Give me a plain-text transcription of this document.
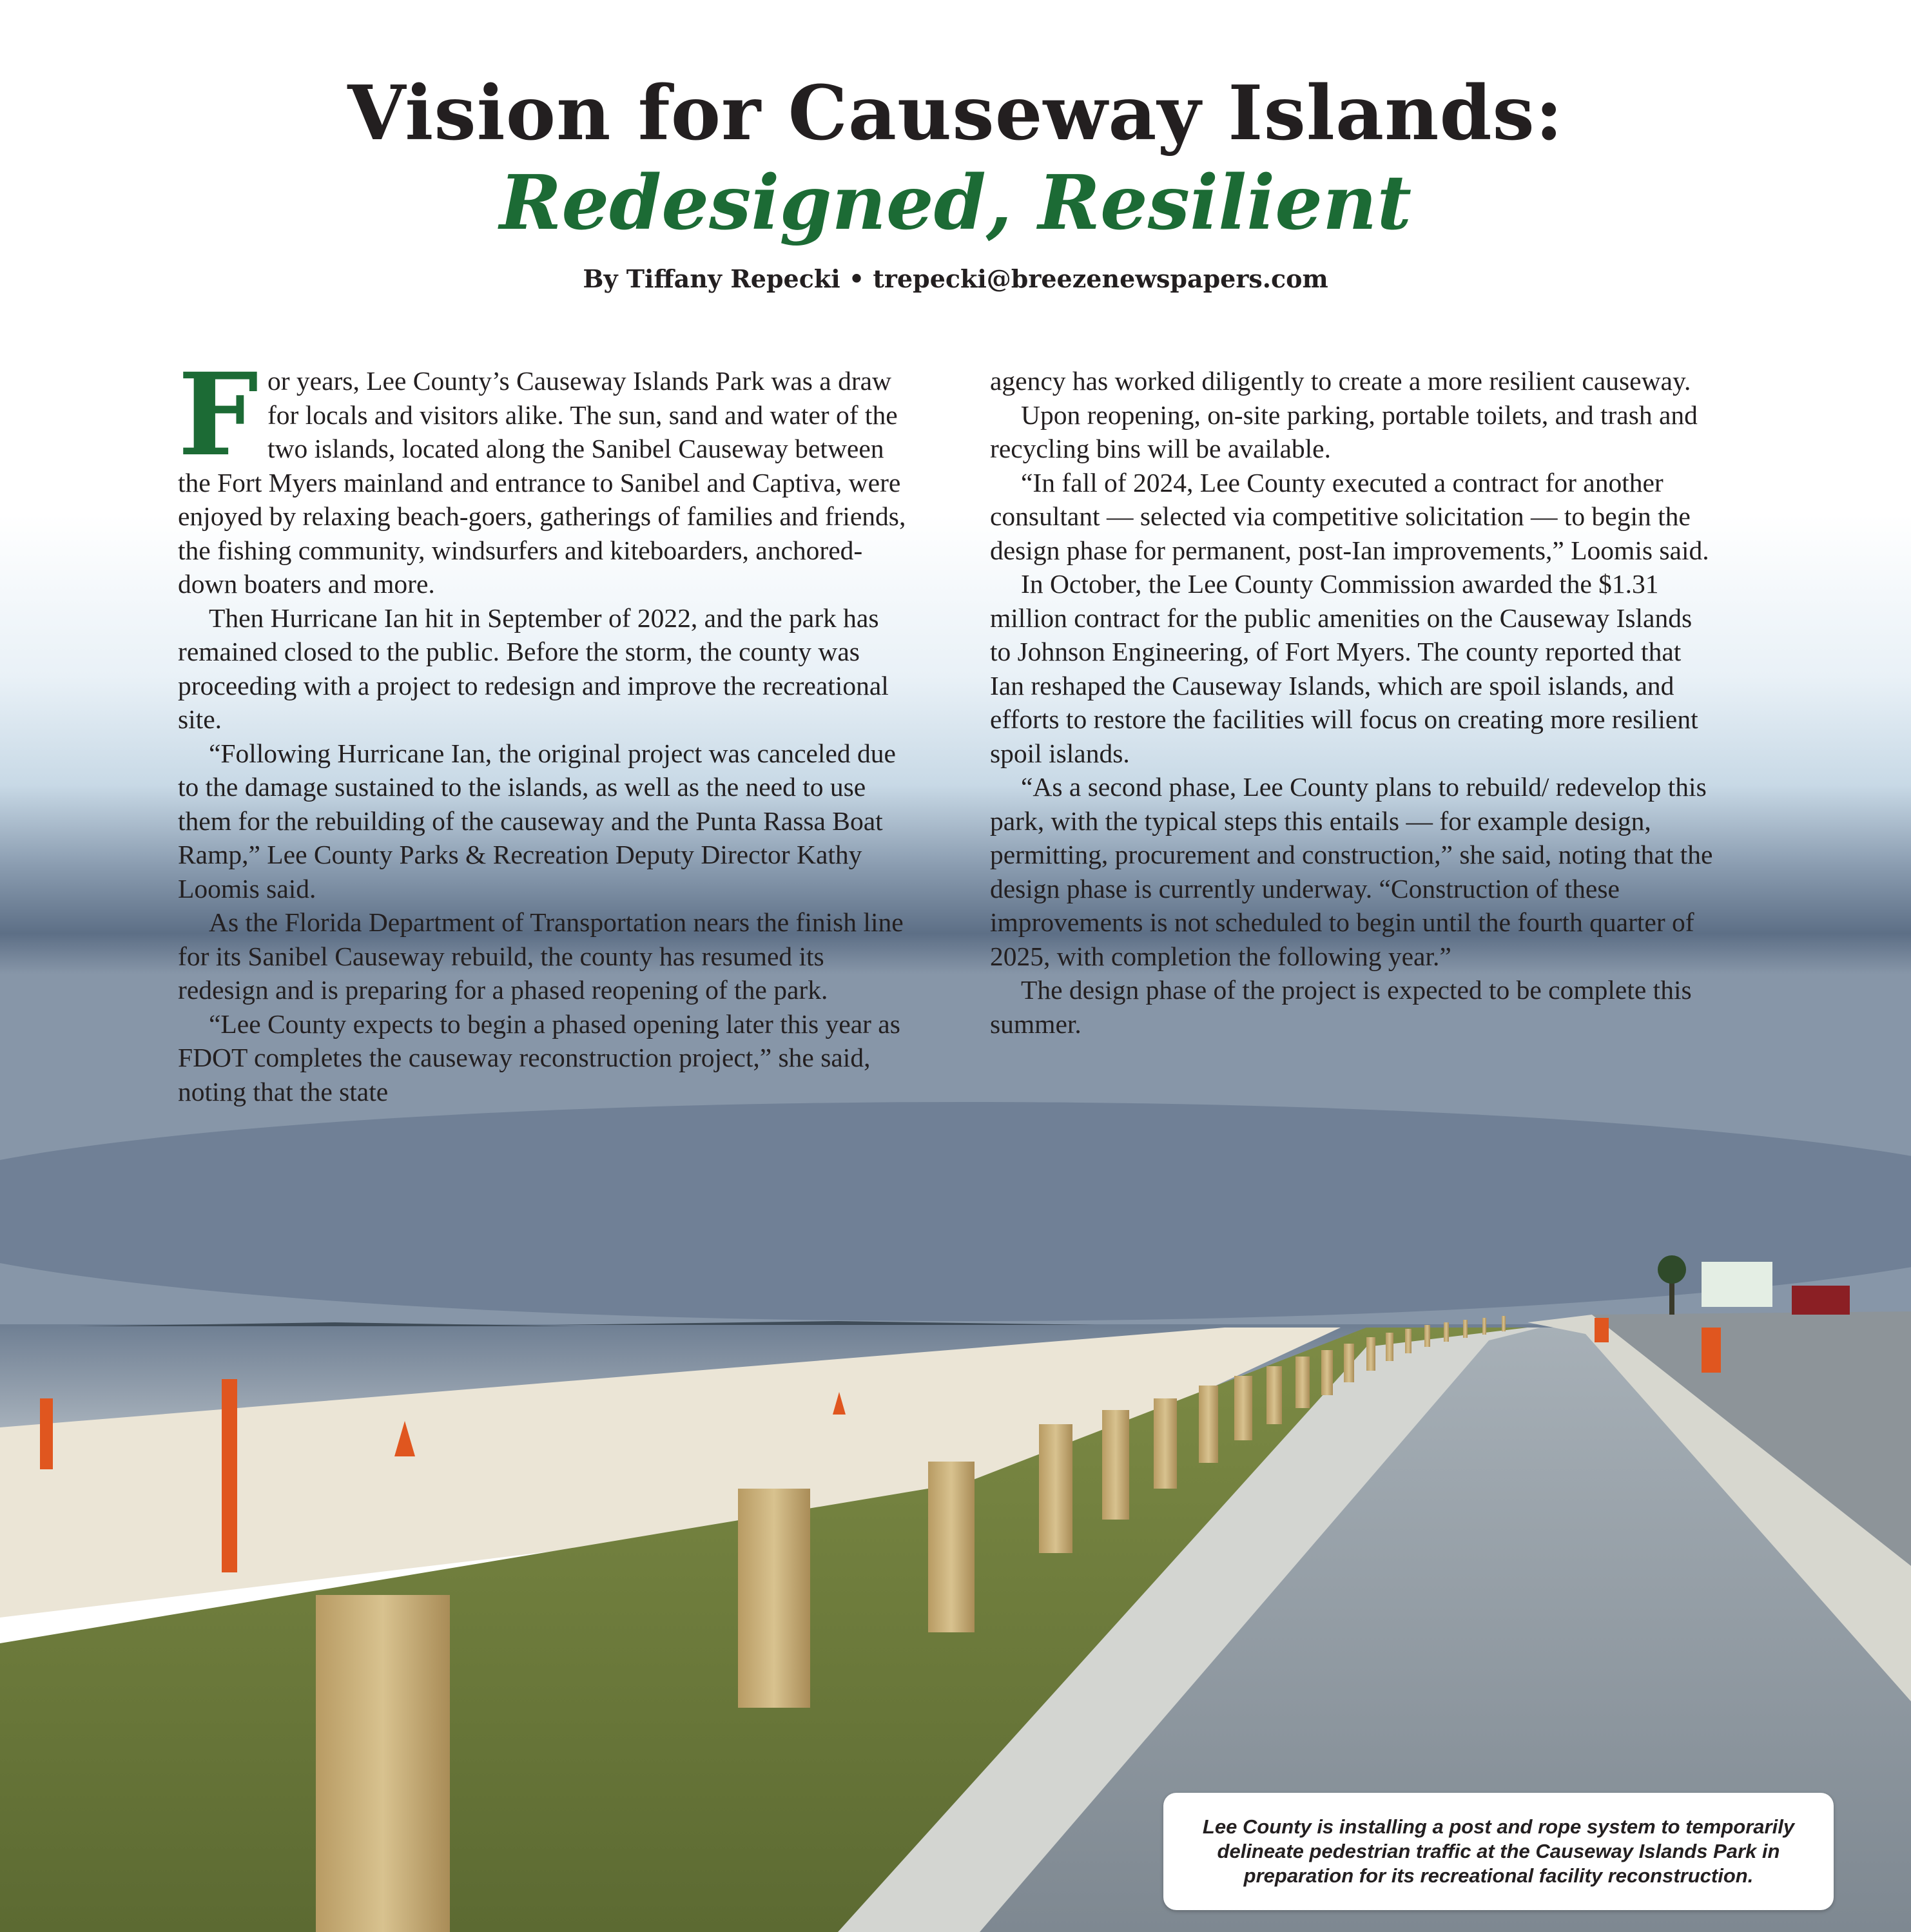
Vision for Causeway Islands:
Redesigned, Resilient

By Tiffany Repecki • trepecki@breezenewspapers.com

For years, Lee County’s Causeway Islands Park was a draw for locals and visitors alike. The sun, sand and water of the two islands, located along the Sanibel Causeway between the Fort Myers mainland and entrance to Sanibel and Captiva, were enjoyed by relaxing beach-goers, gatherings of families and friends, the fishing community, windsurfers and kiteboarders, anchored-down boaters and more.

Then Hurricane Ian hit in September of 2022, and the park has remained closed to the public. Before the storm, the county was proceeding with a project to redesign and improve the recreational site.

“Following Hurricane Ian, the original project was canceled due to the damage sustained to the islands, as well as the need to use them for the rebuilding of the causeway and the Punta Rassa Boat Ramp,” Lee County Parks & Recreation Deputy Director Kathy Loomis said.

As the Florida Department of Transportation nears the finish line for its Sanibel Causeway rebuild, the county has resumed its redesign and is preparing for a phased reopening of the park.

“Lee County expects to begin a phased opening later this year as FDOT completes the causeway reconstruction project,” she said, noting that the state

agency has worked diligently to create a more resilient causeway.

Upon reopening, on-site parking, portable toilets, and trash and recycling bins will be available.

“In fall of 2024, Lee County executed a contract for another consultant — selected via competitive solicitation — to begin the design phase for permanent, post-Ian improvements,” Loomis said.

In October, the Lee County Commission awarded the $1.31 million contract for the public amenities on the Causeway Islands to Johnson Engineering, of Fort Myers. The county reported that Ian reshaped the Causeway Islands, which are spoil islands, and efforts to restore the facilities will focus on creating more resilient spoil islands.

“As a second phase, Lee County plans to rebuild/ redevelop this park, with the typical steps this entails — for example design, permitting, procurement and construction,” she said, noting that the design phase is currently underway. “Construction of these improvements is not scheduled to begin until the fourth quarter of 2025, with completion the following year.”

The design phase of the project is expected to be complete this summer.

Lee County is installing a post and rope system to temporarily delineate pedestrian traffic at the Causeway Islands Park in preparation for its recreational facility reconstruction.
